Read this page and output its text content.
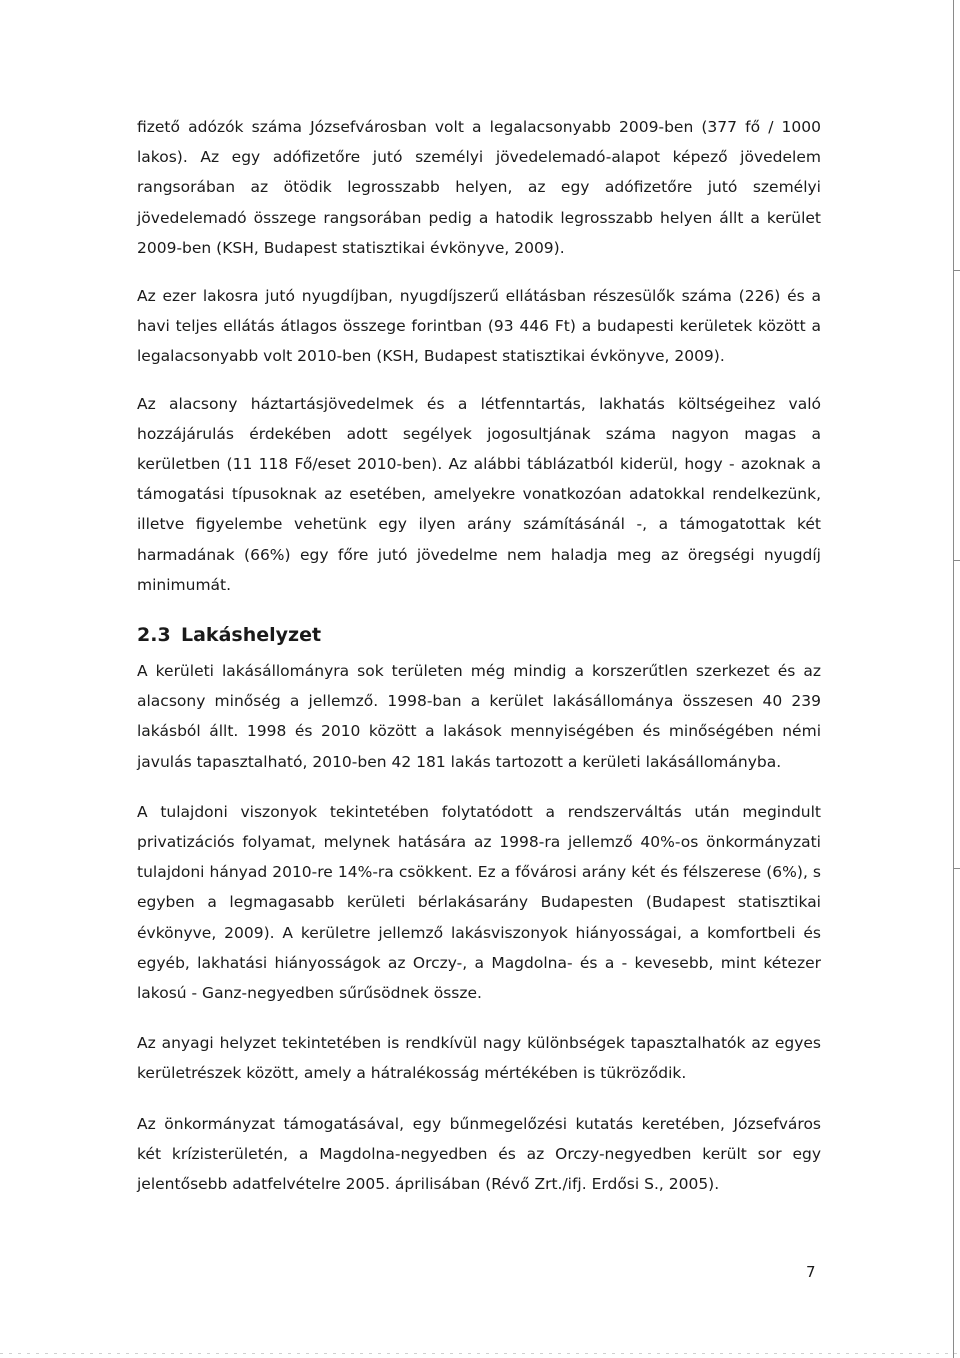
fizető adózók száma Józsefvárosban volt a legalacsonyabb 2009-ben (377 fő / 1000 lakos). Az egy adófizetőre jutó személyi jövedelemadó-alapot képező jövedelem rangsorában az ötödik legrosszabb helyen, az egy adófizetőre jutó személyi jövedelemadó összege rangsorában pedig a hatodik legrosszabb helyen állt a kerület 2009-ben (KSH, Budapest statisztikai évkönyve, 2009).

Az ezer lakosra jutó nyugdíjban, nyugdíjszerű ellátásban részesülők száma (226) és a havi teljes ellátás átlagos összege forintban (93 446 Ft) a budapesti kerületek között a legalacsonyabb volt 2010-ben (KSH, Budapest statisztikai évkönyve, 2009).

Az alacsony háztartásjövedelmek és a létfenntartás, lakhatás költségeihez való hozzájárulás érdekében adott segélyek jogosultjának száma nagyon magas a kerületben (11 118 Fő/eset 2010-ben). Az alábbi táblázatból kiderül, hogy - azoknak a támogatási típusoknak az esetében, amelyekre vonatkozóan adatokkal rendelkezünk, illetve figyelembe vehetünk egy ilyen arány számításánál -, a támogatottak két harmadának (66%) egy főre jutó jövedelme nem haladja meg az öregségi nyugdíj minimumát.

2.3 Lakáshelyzet

A kerületi lakásállományra sok területen még mindig a korszerűtlen szerkezet és az alacsony minőség a jellemző. 1998-ban a kerület lakásállománya összesen 40 239 lakásból állt. 1998 és 2010 között a lakások mennyiségében és minőségében némi javulás tapasztalható, 2010-ben 42 181 lakás tartozott a kerületi lakásállományba.

A tulajdoni viszonyok tekintetében folytatódott a rendszerváltás után megindult privatizációs folyamat, melynek hatására az 1998-ra jellemző 40%-os önkormányzati tulajdoni hányad 2010-re 14%-ra csökkent. Ez a fővárosi arány két és félszerese (6%), s egyben a legmagasabb kerületi bérlakásarány Budapesten (Budapest statisztikai évkönyve, 2009). A kerületre jellemző lakásviszonyok hiányosságai, a komfortbeli és egyéb, lakhatási hiányosságok az Orczy-, a Magdolna- és a - kevesebb, mint kétezer lakosú - Ganz-negyedben sűrűsödnek össze.

Az anyagi helyzet tekintetében is rendkívül nagy különbségek tapasztalhatók az egyes kerületrészek között, amely a hátralékosság mértékében is tükröződik.

Az önkormányzat támogatásával, egy bűnmegelőzési kutatás keretében, Józsefváros két krízisterületén, a Magdolna-negyedben és az Orczy-negyedben került sor egy jelentősebb adatfelvételre 2005. áprilisában (Révő Zrt./ifj. Erdősi S., 2005).

7
